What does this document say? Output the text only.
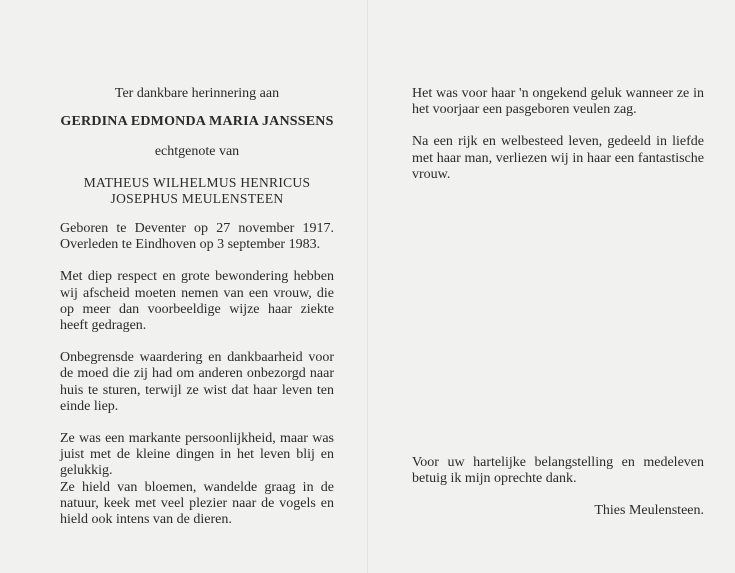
Ter dankbare herinnering aan

GERDINA EDMONDA MARIA JANSSENS

echtgenote van

MATHEUS WILHELMUS HENRICUS
JOSEPHUS MEULENSTEEN

Geboren te Deventer op 27 november 1917. Overleden te Eindhoven op 3 september 1983.

Met diep respect en grote bewondering hebben wij afscheid moeten nemen van een vrouw, die op meer dan voorbeeldige wijze haar ziekte heeft gedragen.

Onbegrensde waardering en dankbaarheid voor de moed die zij had om anderen onbezorgd naar huis te sturen, terwijl ze wist dat haar leven ten einde liep.

Ze was een markante persoonlijkheid, maar was juist met de kleine dingen in het leven blij en gelukkig.

Ze hield van bloemen, wandelde graag in de natuur, keek met veel plezier naar de vogels en hield ook intens van de dieren.

Het was voor haar 'n ongekend geluk wanneer ze in het voorjaar een pasgeboren veulen zag.

Na een rijk en welbesteed leven, gedeeld in liefde met haar man, verliezen wij in haar een fantastische vrouw.

Voor uw hartelijke belangstelling en medeleven betuig ik mijn oprechte dank.

Thies Meulensteen.
